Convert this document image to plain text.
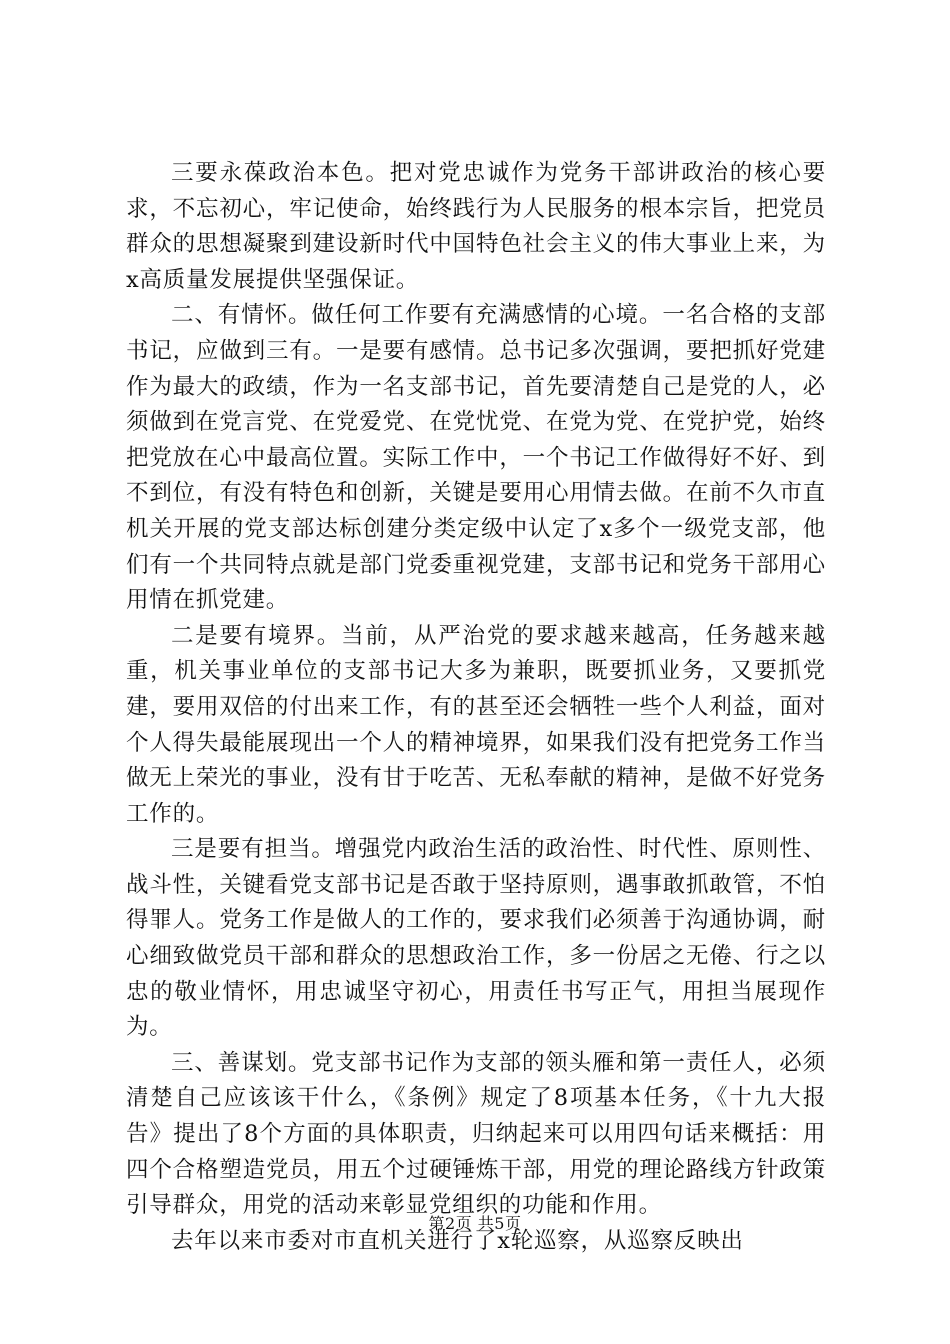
三要永葆政治本色。把对党忠诚作为党务干部讲政治的核心要求，不忘初心，牢记使命，始终践行为人民服务的根本宗旨，把党员群众的思想凝聚到建设新时代中国特色社会主义的伟大事业上来，为x高质量发展提供坚强保证。

二、有情怀。做任何工作要有充满感情的心境。一名合格的支部书记，应做到三有。一是要有感情。总书记多次强调，要把抓好党建作为最大的政绩，作为一名支部书记，首先要清楚自己是党的人，必须做到在党言党、在党爱党、在党忧党、在党为党、在党护党，始终把党放在心中最高位置。实际工作中，一个书记工作做得好不好、到不到位，有没有特色和创新，关键是要用心用情去做。在前不久市直机关开展的党支部达标创建分类定级中认定了x多个一级党支部，他们有一个共同特点就是部门党委重视党建，支部书记和党务干部用心用情在抓党建。

二是要有境界。当前，从严治党的要求越来越高，任务越来越重，机关事业单位的支部书记大多为兼职，既要抓业务，又要抓党建，要用双倍的付出来工作，有的甚至还会牺牲一些个人利益，面对个人得失最能展现出一个人的精神境界，如果我们没有把党务工作当做无上荣光的事业，没有甘于吃苦、无私奉献的精神，是做不好党务工作的。

三是要有担当。增强党内政治生活的政治性、时代性、原则性、战斗性，关键看党支部书记是否敢于坚持原则，遇事敢抓敢管，不怕得罪人。党务工作是做人的工作的，要求我们必须善于沟通协调，耐心细致做党员干部和群众的思想政治工作，多一份居之无倦、行之以忠的敬业情怀，用忠诚坚守初心，用责任书写正气，用担当展现作为。

三、善谋划。党支部书记作为支部的领头雁和第一责任人，必须清楚自己应该该干什么，《条例》规定了8项基本任务，《十九大报告》提出了8个方面的具体职责，归纳起来可以用四句话来概括：用四个合格塑造党员，用五个过硬锤炼干部，用党的理论路线方针政策引导群众，用党的活动来彰显党组织的功能和作用。

去年以来市委对市直机关进行了x轮巡察，从巡察反映出

第2页 共5页
